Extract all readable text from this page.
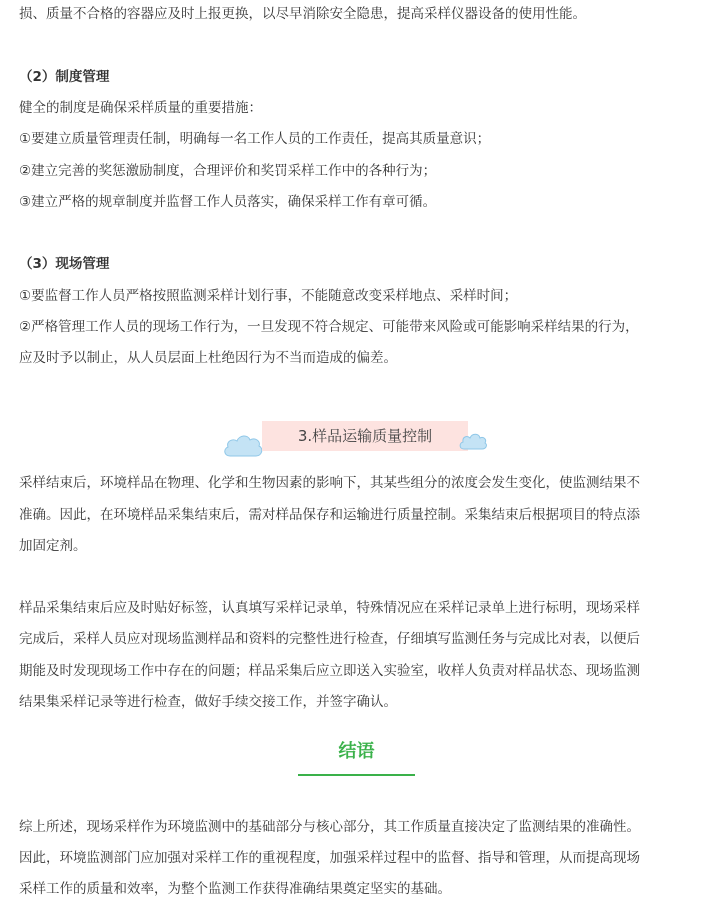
损、质量不合格的容器应及时上报更换，以尽早消除安全隐患，提高采样仪器设备的使用性能。
（2）制度管理
健全的制度是确保采样质量的重要措施：
①要建立质量管理责任制，明确每一名工作人员的工作责任，提高其质量意识；
②建立完善的奖惩激励制度，合理评价和奖罚采样工作中的各种行为；
③建立严格的规章制度并监督工作人员落实，确保采样工作有章可循。
（3）现场管理
①要监督工作人员严格按照监测采样计划行事，不能随意改变采样地点、采样时间；
②严格管理工作人员的现场工作行为，一旦发现不符合规定、可能带来风险或可能影响采样结果的行为，
应及时予以制止，从人员层面上杜绝因行为不当而造成的偏差。
3.样品运输质量控制
采样结束后，环境样品在物理、化学和生物因素的影响下，其某些组分的浓度会发生变化，使监测结果不
准确。因此，在环境样品采集结束后，需对样品保存和运输进行质量控制。采集结束后根据项目的特点添
加固定剂。
样品采集结束后应及时贴好标签，认真填写采样记录单，特殊情况应在采样记录单上进行标明，现场采样
完成后，采样人员应对现场监测样品和资料的完整性进行检查，仔细填写监测任务与完成比对表，以便后
期能及时发现现场工作中存在的问题；样品采集后应立即送入实验室，收样人负责对样品状态、现场监测
结果集采样记录等进行检查，做好手续交接工作，并签字确认。
结语
综上所述，现场采样作为环境监测中的基础部分与核心部分，其工作质量直接决定了监测结果的准确性。
因此，环境监测部门应加强对采样工作的重视程度，加强采样过程中的监督、指导和管理，从而提高现场
采样工作的质量和效率，为整个监测工作获得准确结果奠定坚实的基础。
